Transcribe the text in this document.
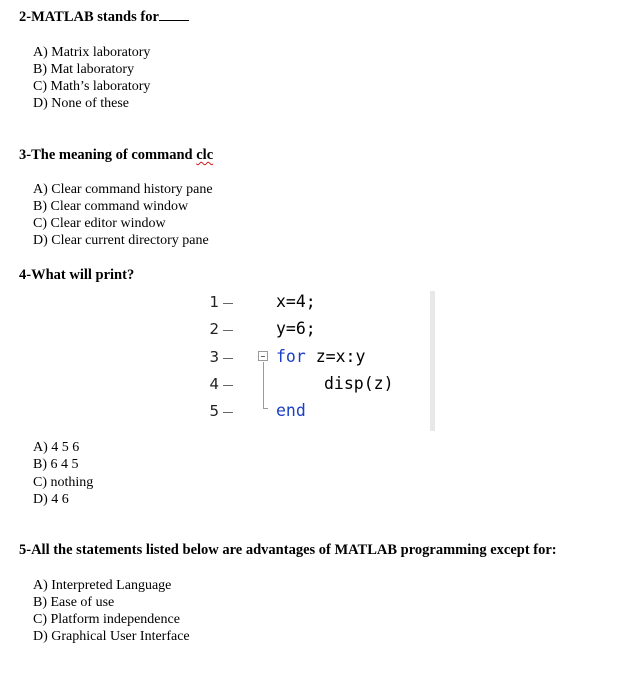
2-MATLAB stands for
A) Matrix laboratory
B) Mat laboratory
C) Math’s laboratory
D) None of these
3-The meaning of command clc
A) Clear command history pane
B) Clear command window
C) Clear editor window
D) Clear current directory pane
4-What will print?
1
2
3
4
5
x=4;
y=6;
for z=x:y
disp(z)
end
A) 4 5 6
B) 6 4 5
C) nothing
D) 4 6
5-All the statements listed below are advantages of MATLAB programming except for:
A) Interpreted Language
B) Ease of use
C) Platform independence
D) Graphical User Interface
